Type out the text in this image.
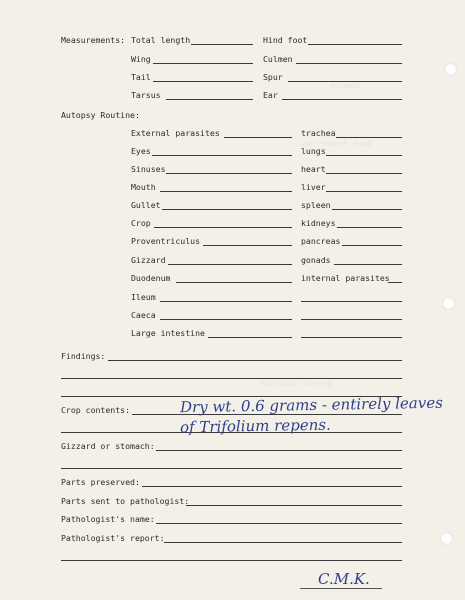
Species
Date, feather-sex
general condition
Measurements: Total length	Hind foot
Wing	Culmen
Tail	Spur
Tarsus	Ear
Autopsy Routine:
External parasites	trachea
Eyes	lungs
Sinuses	heart
Mouth	liver
Gullet	spleen
Crop	kidneys
Proventriculus	pancreas
Gizzard	gonads
Duodenum	internal parasites
Ileum
Caeca
Large intestine
Findings:
Crop contents:	Dry wt. 0.6 grams - entirely leaves
of Trifolium repens.
Gizzard or stomach:
Parts preserved:
Parts sent to pathologist:
Pathologist's name:
Pathologist's report:
C.M.K.
